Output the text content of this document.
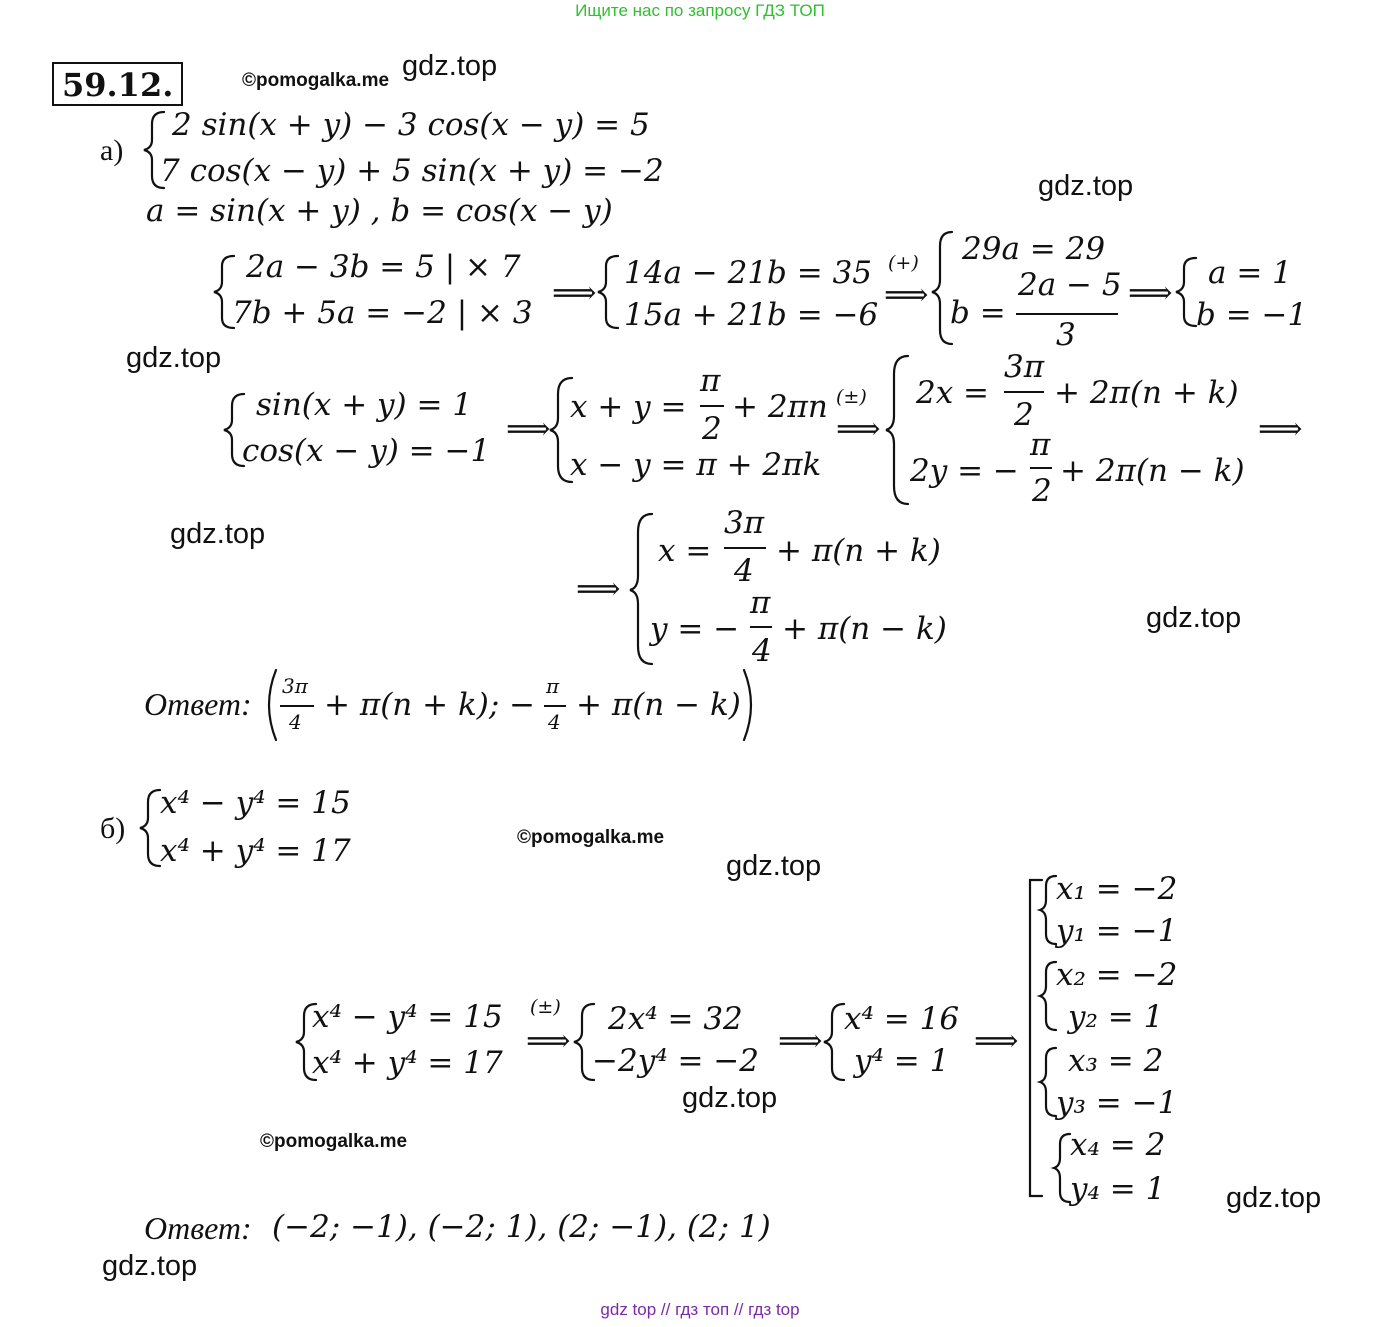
Ищите нас по запросу ГДЗ ТОП
gdz top // гдз топ // гдз top
59.12.	©pomogalka.me gdz.top
gdz.top
gdz.top
gdz.top
gdz.top
©pomogalka.me
gdz.top
gdz.top
©pomogalka.me
gdz.top
gdz.top
а)
2 sin(x + y) − 3 cos(x − y) = 5
7 cos(x − y) + 5 sin(x + y) = −2
a = sin(x + y) , b = cos(x − y)
2a − 3b = 5 | × 7
7b + 5a = −2 | × 3
⟹
14a − 21b = 35
15a + 21b = −6
(+)
⟹
29a = 29
b =
2a − 5
3
⟹
a = 1
b = −1
sin(x + y) = 1
cos(x − y) = −1
⟹
x + y =
π
2
+ 2πn
x − y = π + 2πk
(±)
⟹
2x =
3π
2
+ 2π(n + k)
2y = −
π
2
+ 2π(n − k)
⟹
⟹
x =
3π
4
+ π(n + k)
y = −
π
4
+ π(n − k)
Ответ: 3π
4 + π(n + k); −
π
4 + π(n − k)
б)
x⁴ − y⁴ = 15
x⁴ + y⁴ = 17
x⁴ − y⁴ = 15
x⁴ + y⁴ = 17
(±)
⟹
2x⁴ = 32
−2y⁴ = −2
⟹
x⁴ = 16
y⁴ = 1
⟹
x₁ = −2
y₁ = −1
x₂ = −2
y₂ = 1
x₃ = 2
y₃ = −1
x₄ = 2
y₄ = 1
Ответ: (−2; −1), (−2; 1), (2; −1), (2; 1)
